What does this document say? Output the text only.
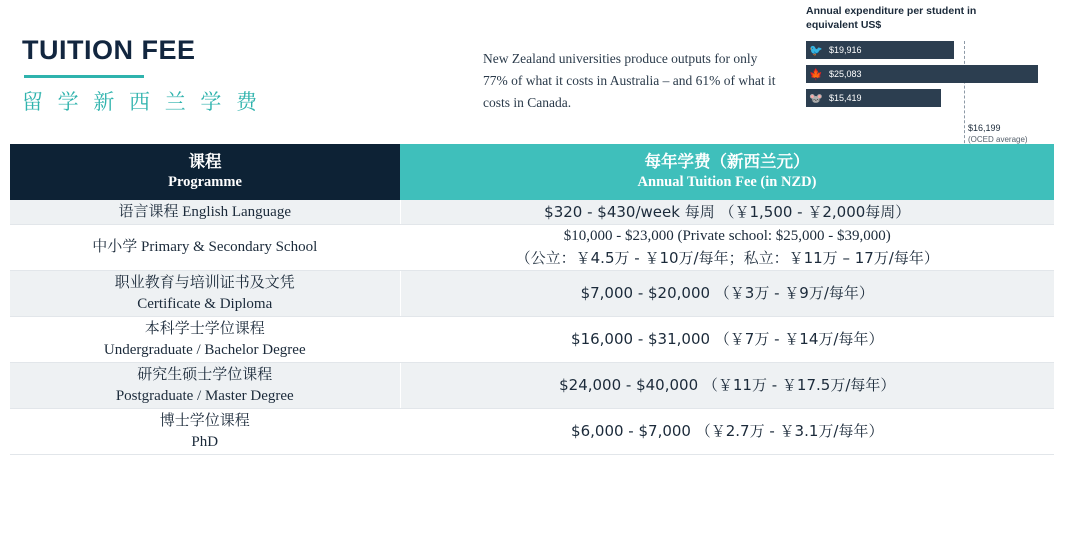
TUITION FEE
留 学 新 西 兰 学 费
New Zealand universities produce outputs for only 77% of what it costs in Australia – and 61% of what it costs in Canada.
Annual expenditure per student in equivalent US$
🐦 $19,916
🍁 $25,083
🐭 $15,419
$16,199
(OCED average)
课程
Programme

每年学费（新西兰元）
Annual Tuition Fee (in NZD)

语言课程 English Language	$320 - $430/week 每周 （￥1,500 - ￥2,000每周）

中小学 Primary & Secondary School	$10,000 - $23,000 (Private school: $25,000 - $39,000)
（公立：￥4.5万 - ￥10万/每年；私立：￥11万 – 17万/每年）

职业教育与培训证书及文凭
Certificate & Diploma	$7,000 - $20,000 （￥3万 - ￥9万/每年）

本科学士学位课程
Undergraduate / Bachelor Degree	$16,000 - $31,000 （￥7万 - ￥14万/每年）

研究生硕士学位课程
Postgraduate / Master Degree	$24,000 - $40,000 （￥11万 - ￥17.5万/每年）

博士学位课程
PhD	$6,000 - $7,000 （￥2.7万 - ￥3.1万/每年）
